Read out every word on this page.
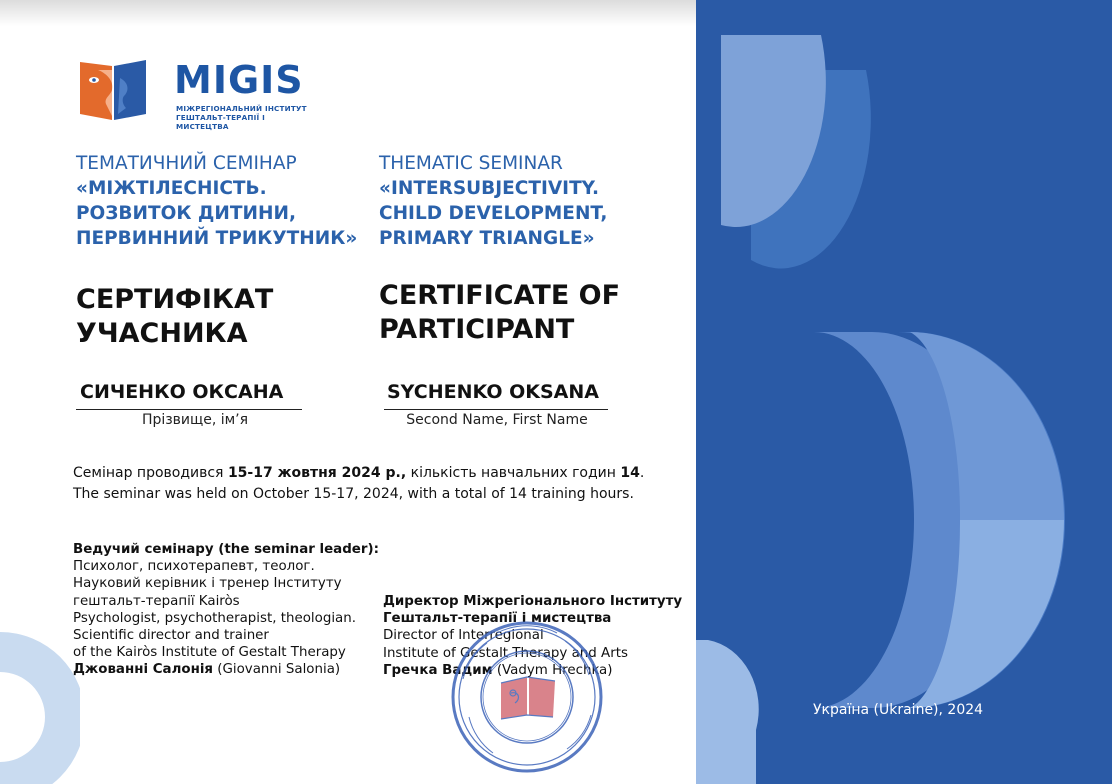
MIGIS
МІЖРЕГІОНАЛЬНИЙ ІНСТИТУТ
ГЕШТАЛЬТ-ТЕРАПІЇ І МИСТЕЦТВА
ТЕМАТИЧНИЙ СЕМІНАР
«МІЖТІЛЕСНІСТЬ.
РОЗВИТОК ДИТИНИ,
ПЕРВИННИЙ ТРИКУТНИК»
THEMATIC SEMINAR
«INTERSUBJECTIVITY.
CHILD DEVELOPMENT,
PRIMARY TRIANGLE»
СЕРТИФІКАТ
УЧАСНИКА
CERTIFICATE OF
PARTICIPANT
СИЧЕНКО ОКСАНА
Прізвище, ім’я
SYCHENKO OKSANA
Second Name, First Name
Семінар проводився 15-17 жовтня 2024 р., кількість навчальних годин 14.
The seminar was held on October 15-17, 2024, with a total of 14 training hours.
Ведучий семінару (the seminar leader):
Психолог, психотерапевт, теолог.
Науковий керівник і тренер Інституту
гештальт-терапії Kairòs
Psychologist, psychotherapist, theologian.
Scientific director and trainer
of the Kairòs Institute of Gestalt Therapy
Джованні Салонія (Giovanni Salonia)
Директор Міжрегіонального Інституту
Гештальт-терапії і мистецтва
Director of Interregional
Institute of Gestalt Therapy and Arts
Гречка Вадим (Vadym Hrechka)
Україна (Ukraine), 2024
